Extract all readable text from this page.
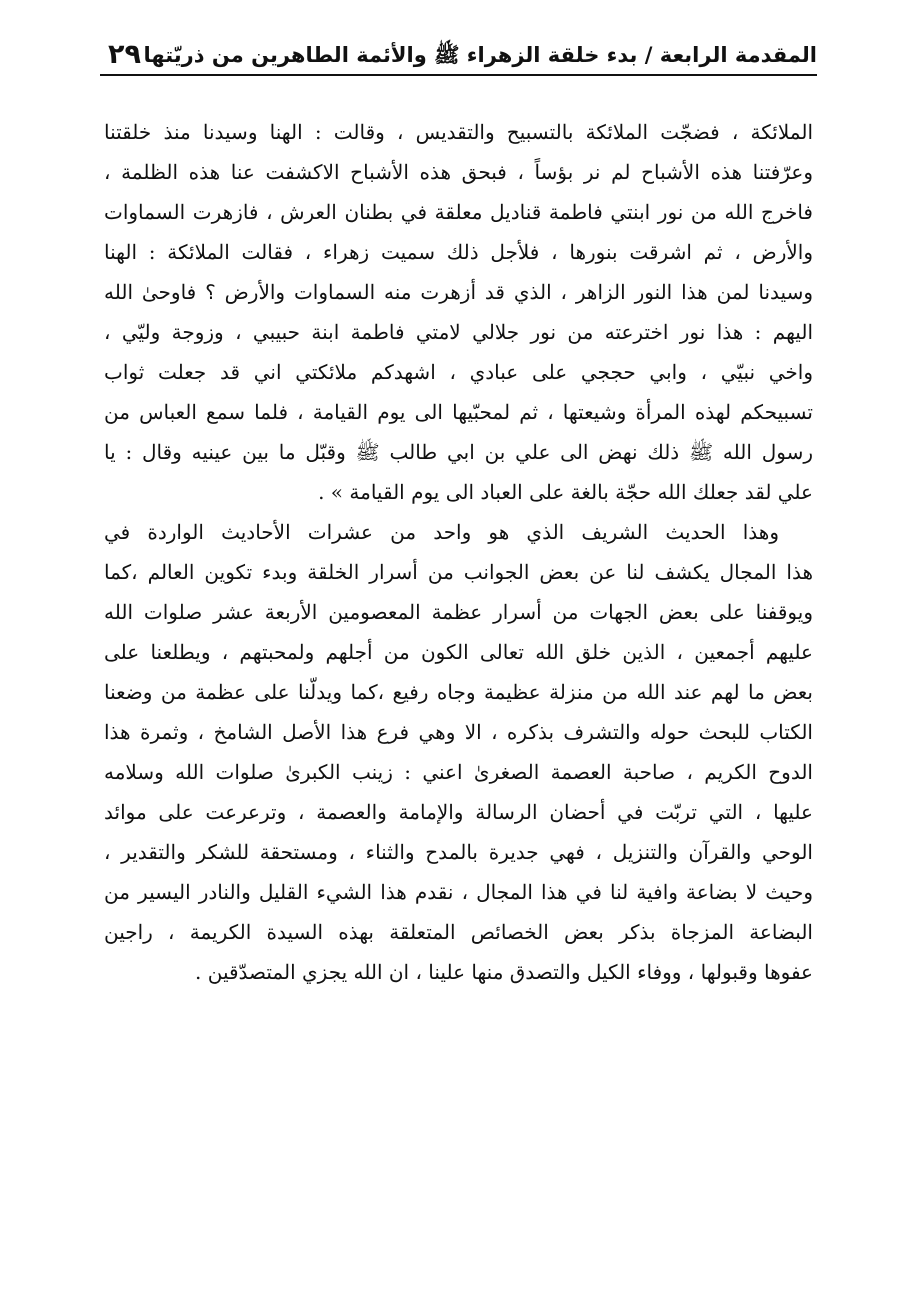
٢٩ المقدمة الرابعة / بدء خلقة الزهراء ﷺ والأئمة الطاهرين من ذريّتها
الملائكة ، فضجّت الملائكة بالتسبيح والتقديس ، وقالت : الهنا وسيدنا منذ خلقتنا
وعرّفتنا هذه الأشباح لم نر بؤساً ، فبحق هذه الأشباح الاكشفت عنا هذه الظلمة ،
فاخرج الله من نور ابنتي فاطمة قناديل معلقة في بطنان العرش ، فازهرت السماوات
والأرض ، ثم اشرقت بنورها ، فلأجل ذلك سميت زهراء ، فقالت الملائكة : الهنا
وسيدنا لمن هذا النور الزاهر ، الذي قد أزهرت منه السماوات والأرض ؟ فاوحىٰ الله
اليهم : هذا نور اخترعته من نور جلالي لامتي فاطمة ابنة حبيبي ، وزوجة وليّي ،
واخي نبيّي ، وابي حججي على عبادي ، اشهدكم ملائكتي اني قد جعلت ثواب
تسبيحكم لهذه المرأة وشيعتها ، ثم لمحبّيها الى يوم القيامة ، فلما سمع العباس من
رسول الله ﷺ ذلك نهض الى علي بن ابي طالب ﷺ وقبّل ما بين عينيه وقال : يا
علي لقد جعلك الله حجّة بالغة على العباد الى يوم القيامة » .
وهذا الحديث الشريف الذي هو واحد من عشرات الأحاديث الواردة في
هذا المجال يكشف لنا عن بعض الجوانب من أسرار الخلقة وبدء تكوين العالم ،كما
ويوقفنا على بعض الجهات من أسرار عظمة المعصومين الأربعة عشر صلوات الله
عليهم أجمعين ، الذين خلق الله تعالى الكون من أجلهم ولمحبتهم ، ويطلعنا على
بعض ما لهم عند الله من منزلة عظيمة وجاه رفيع ،كما ويدلّنا على عظمة من وضعنا
الكتاب للبحث حوله والتشرف بذكره ، الا وهي فرع هذا الأصل الشامخ ، وثمرة هذا
الدوح الكريم ، صاحبة العصمة الصغرىٰ اعني : زينب الكبرىٰ صلوات الله وسلامه
عليها ، التي تربّت في أحضان الرسالة والإمامة والعصمة ، وترعرعت على موائد
الوحي والقرآن والتنزيل ، فهي جديرة بالمدح والثناء ، ومستحقة للشكر والتقدير ،
وحيث لا بضاعة وافية لنا في هذا المجال ، نقدم هذا الشيء القليل والنادر اليسير من
البضاعة المزجاة بذكر بعض الخصائص المتعلقة بهذه السيدة الكريمة ، راجين
عفوها وقبولها ، ووفاء الكيل والتصدق منها علينا ، ان الله يجزي المتصدّقين .
